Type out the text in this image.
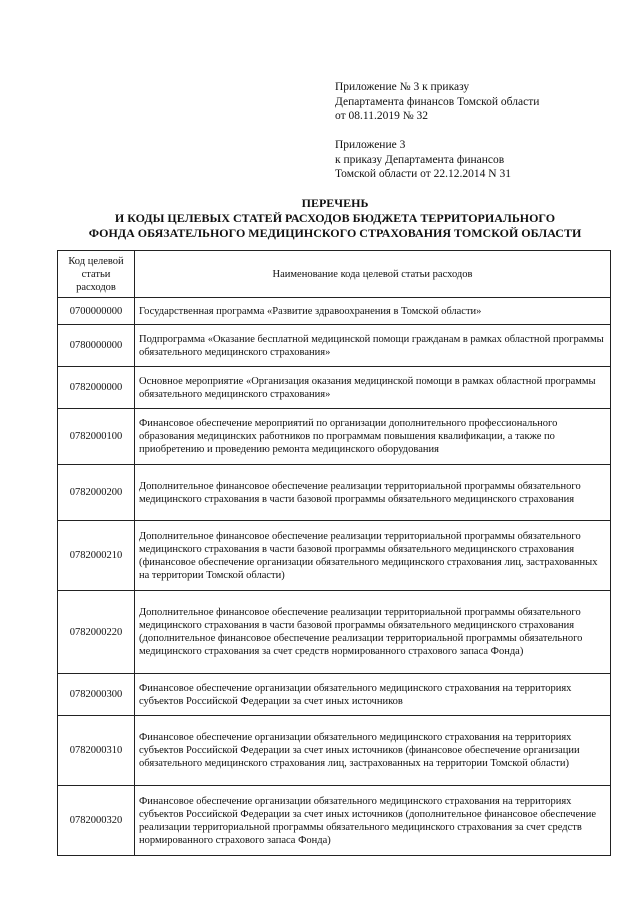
Приложение № 3 к приказу
Департамента финансов Томской области
от 08.11.2019 № 32
Приложение 3
к приказу Департамента финансов
Томской области от 22.12.2014 N 31
ПЕРЕЧЕНЬ
И КОДЫ ЦЕЛЕВЫХ СТАТЕЙ РАСХОДОВ БЮДЖЕТА ТЕРРИТОРИАЛЬНОГО
ФОНДА ОБЯЗАТЕЛЬНОГО МЕДИЦИНСКОГО СТРАХОВАНИЯ ТОМСКОЙ ОБЛАСТИ
Код целевой статьи расходов	Наименование кода целевой статьи расходов
0700000000	Государственная программа «Развитие здравоохранения в Томской области»
0780000000	Подпрограмма «Оказание бесплатной медицинской помощи гражданам в рамках областной программы обязательного медицинского страхования»
0782000000	Основное мероприятие «Организация оказания медицинской помощи в рамках областной программы обязательного медицинского страхования»
0782000100	Финансовое обеспечение мероприятий по организации дополнительного профессионального образования медицинских работников по программам повышения квалификации, а также по приобретению и проведению ремонта медицинского оборудования
0782000200	Дополнительное финансовое обеспечение реализации территориальной программы обязательного медицинского страхования в части базовой программы обязательного медицинского страхования
0782000210	Дополнительное финансовое обеспечение реализации территориальной программы обязательного медицинского страхования в части базовой программы обязательного медицинского страхования (финансовое обеспечение организации обязательного медицинского страхования лиц, застрахованных на территории Томской области)
0782000220	Дополнительное финансовое обеспечение реализации территориальной программы обязательного медицинского страхования в части базовой программы обязательного медицинского страхования (дополнительное финансовое обеспечение реализации территориальной программы обязательного медицинского страхования за счет средств нормированного страхового запаса Фонда)
0782000300	Финансовое обеспечение организации обязательного медицинского страхования на территориях субъектов Российской Федерации за счет иных источников
0782000310	Финансовое обеспечение организации обязательного медицинского страхования на территориях субъектов Российской Федерации за счет иных источников (финансовое обеспечение организации обязательного медицинского страхования лиц, застрахованных на территории Томской области)
0782000320	Финансовое обеспечение организации обязательного медицинского страхования на территориях субъектов Российской Федерации за счет иных источников (дополнительное финансовое обеспечение реализации территориальной программы обязательного медицинского страхования за счет средств нормированного страхового запаса Фонда)
